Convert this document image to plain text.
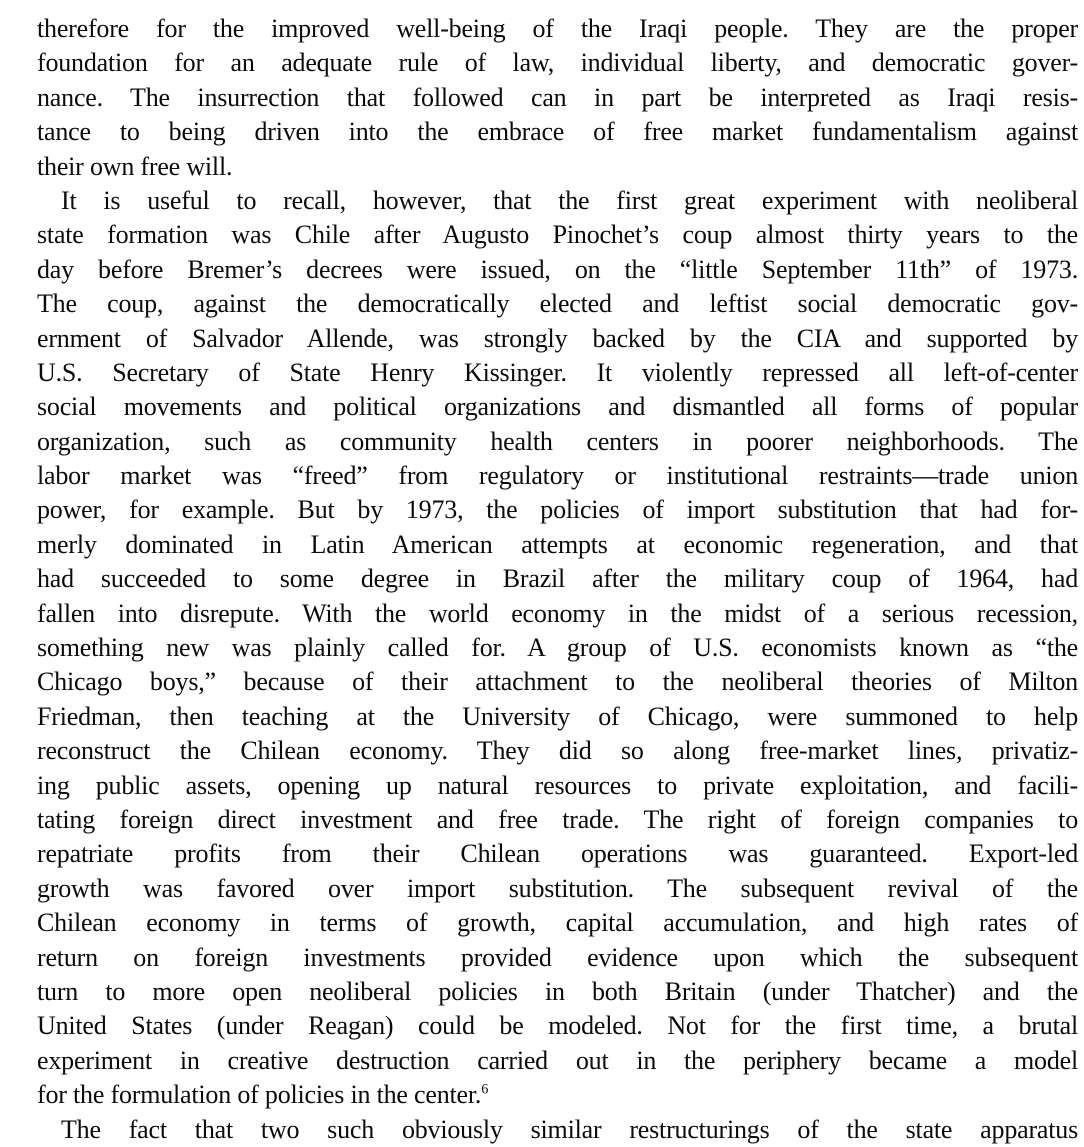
therefore for the improved well-being of the Iraqi people. They are the proper
foundation for an adequate rule of law, individual liberty, and democratic gover-
nance. The insurrection that followed can in part be interpreted as Iraqi resis-
tance to being driven into the embrace of free market fundamentalism against
their own free will.
It is useful to recall, however, that the first great experiment with neoliberal
state formation was Chile after Augusto Pinochet’s coup almost thirty years to the
day before Bremer’s decrees were issued, on the “little September 11th” of 1973.
The coup, against the democratically elected and leftist social democratic gov-
ernment of Salvador Allende, was strongly backed by the CIA and supported by
U.S. Secretary of State Henry Kissinger. It violently repressed all left-of-center
social movements and political organizations and dismantled all forms of popular
organization, such as community health centers in poorer neighborhoods. The
labor market was “freed” from regulatory or institutional restraints—trade union
power, for example. But by 1973, the policies of import substitution that had for-
merly dominated in Latin American attempts at economic regeneration, and that
had succeeded to some degree in Brazil after the military coup of 1964, had
fallen into disrepute. With the world economy in the midst of a serious recession,
something new was plainly called for. A group of U.S. economists known as “the
Chicago boys,” because of their attachment to the neoliberal theories of Milton
Friedman, then teaching at the University of Chicago, were summoned to help
reconstruct the Chilean economy. They did so along free-market lines, privatiz-
ing public assets, opening up natural resources to private exploitation, and facili-
tating foreign direct investment and free trade. The right of foreign companies to
repatriate profits from their Chilean operations was guaranteed. Export-led
growth was favored over import substitution. The subsequent revival of the
Chilean economy in terms of growth, capital accumulation, and high rates of
return on foreign investments provided evidence upon which the subsequent
turn to more open neoliberal policies in both Britain (under Thatcher) and the
United States (under Reagan) could be modeled. Not for the first time, a brutal
experiment in creative destruction carried out in the periphery became a model
for the formulation of policies in the center.$^6$
The fact that two such obviously similar restructurings of the state apparatus
